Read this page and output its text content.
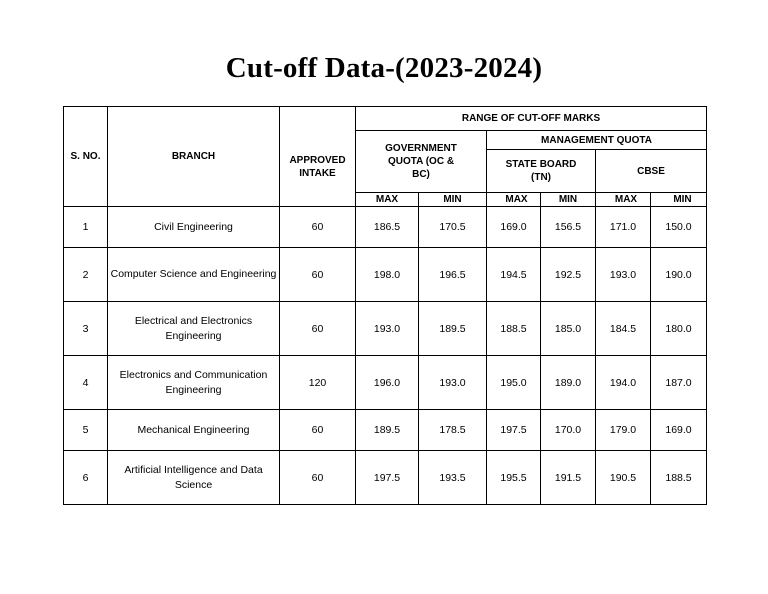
Cut-off Data-(2023-2024)
S. NO.	BRANCH	APPROVED INTAKE	RANGE OF CUT-OFF MARKS					
			GOVERNMENT QUOTA (OC & BC)		MANAGEMENT QUOTA			
					STATE BOARD (TN)		CBSE	
			MAX	MIN	MAX	MIN	MAX	MIN
1	Civil Engineering	60	186.5	170.5	169.0	156.5	171.0	150.0
2	Computer Science and Engineering	60	198.0	196.5	194.5	192.5	193.0	190.0
3	Electrical and Electronics Engineering	60	193.0	189.5	188.5	185.0	184.5	180.0
4	Electronics and Communication Engineering	120	196.0	193.0	195.0	189.0	194.0	187.0
5	Mechanical Engineering	60	189.5	178.5	197.5	170.0	179.0	169.0
6	Artificial Intelligence and Data Science	60	197.5	193.5	195.5	191.5	190.5	188.5
